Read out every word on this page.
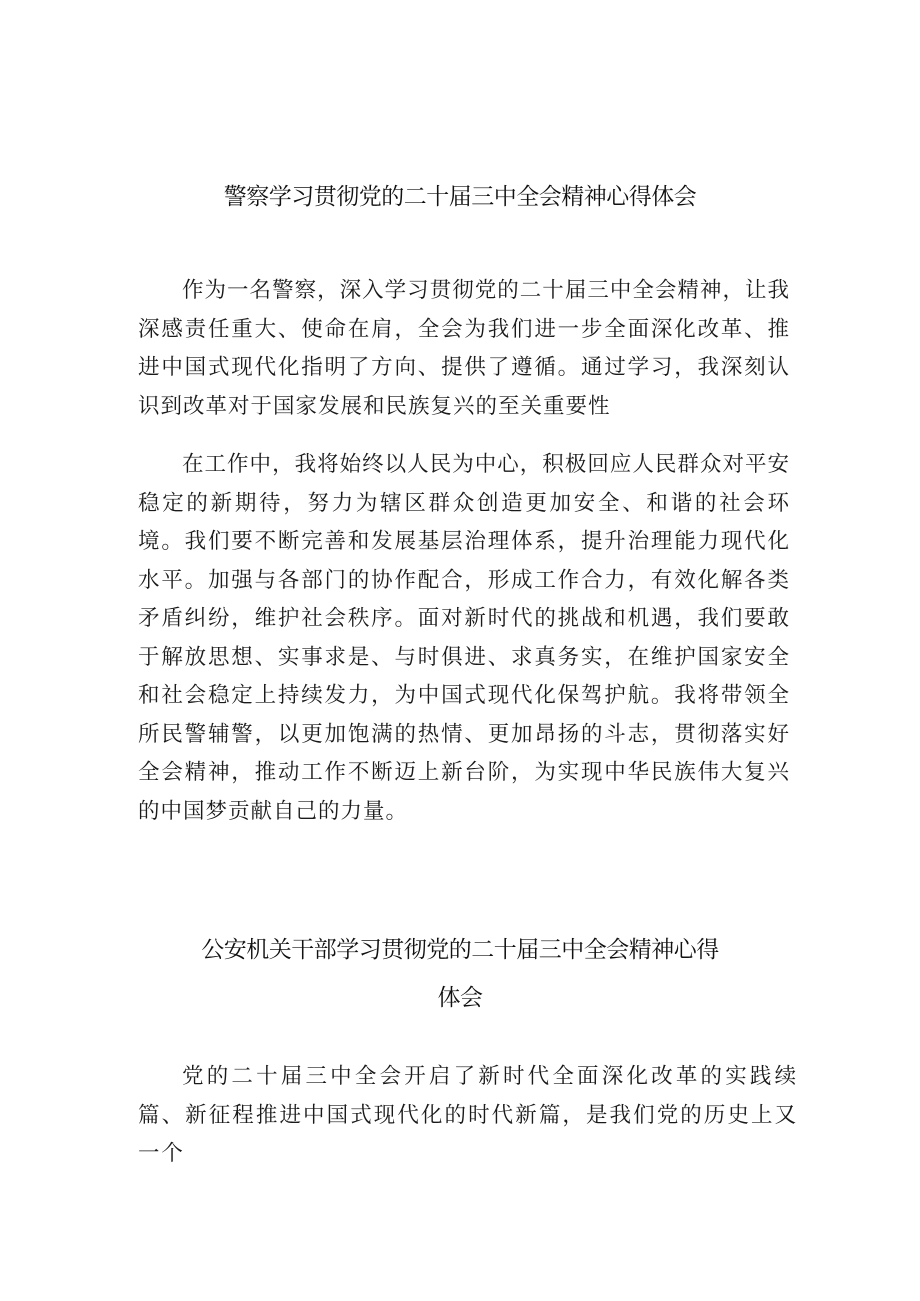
警察学习贯彻党的二十届三中全会精神心得体会

作为一名警察，深入学习贯彻党的二十届三中全会精神，让我深感责任重大、使命在肩，全会为我们进一步全面深化改革、推进中国式现代化指明了方向、提供了遵循。通过学习，我深刻认识到改革对于国家发展和民族复兴的至关重要性

在工作中，我将始终以人民为中心，积极回应人民群众对平安稳定的新期待，努力为辖区群众创造更加安全、和谐的社会环境。我们要不断完善和发展基层治理体系，提升治理能力现代化水平。加强与各部门的协作配合，形成工作合力，有效化解各类矛盾纠纷，维护社会秩序。面对新时代的挑战和机遇，我们要敢于解放思想、实事求是、与时俱进、求真务实，在维护国家安全和社会稳定上持续发力，为中国式现代化保驾护航。我将带领全所民警辅警，以更加饱满的热情、更加昂扬的斗志，贯彻落实好全会精神，推动工作不断迈上新台阶，为实现中华民族伟大复兴的中国梦贡献自己的力量。

公安机关干部学习贯彻党的二十届三中全会精神心得
体会

党的二十届三中全会开启了新时代全面深化改革的实践续篇、新征程推进中国式现代化的时代新篇，是我们党的历史上又一个
